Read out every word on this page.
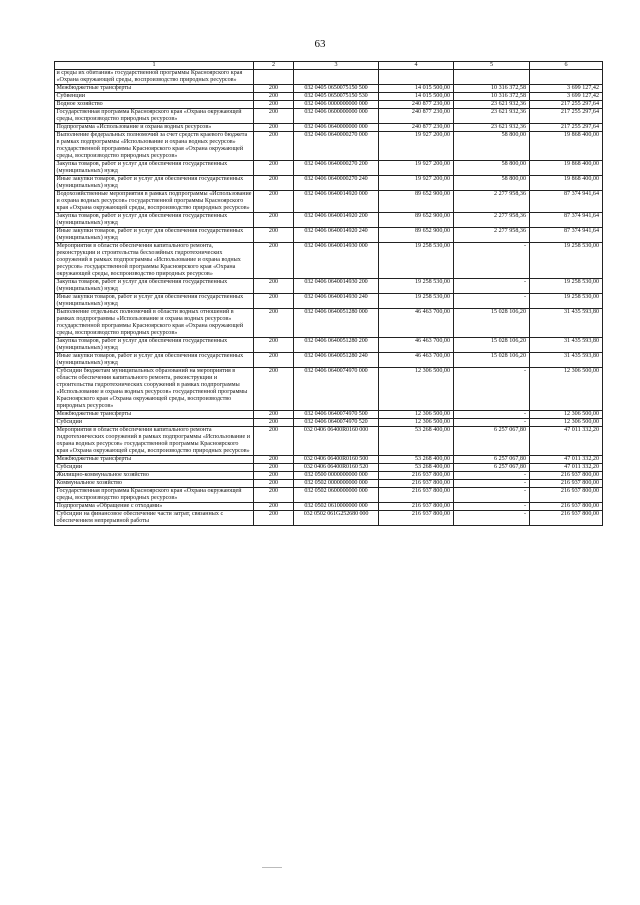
63
1	2	3	4	5	6
и среды их обитания» государственной программы Красноярского края «Охрана окружающей среды, воспроизводство природных ресурсов»					
Межбюджетные трансферты	200	032 0405 0650075150 500	14 015 500,00	10 316 372,58	3 699 127,42
Субвенции	200	032 0405 0650075150 530	14 015 500,00	10 316 372,58	3 699 127,42
Водное хозяйство	200	032 0406 0000000000 000	240 877 230,00	23 621 932,36	217 255 297,64
Государственная программа Красноярского края «Охрана окружающей среды, воспроизводство природных ресурсов»	200	032 0406 0600000000 000	240 877 230,00	23 621 932,36	217 255 297,64
Подпрограмма «Использование и охрана водных ресурсов»	200	032 0406 0640000000 000	240 877 230,00	23 621 932,36	217 255 297,64
Выполнение федеральных полномочий за счет средств краевого бюджета в рамках подпрограммы «Использование и охрана водных ресурсов» государственной программы Красноярского края «Охрана окружающей среды, воспроизводство природных ресурсов»	200	032 0406 0640000270 000	19 927 200,00	58 800,00	19 868 400,00
Закупка товаров, работ и услуг для обеспечения государственных (муниципальных) нужд	200	032 0406 0640000270 200	19 927 200,00	58 800,00	19 868 400,00
Иные закупки товаров, работ и услуг для обеспечения государственных (муниципальных) нужд	200	032 0406 0640000270 240	19 927 200,00	58 800,00	19 868 400,00
Водохозяйственные мероприятия в рамках подпрограммы «Использование и охрана водных ресурсов» государственной программы Красноярского края «Охрана окружающей среды, воспроизводство природных ресурсов»	200	032 0406 0640014920 000	89 652 900,00	2 277 958,36	87 374 941,64
Закупка товаров, работ и услуг для обеспечения государственных (муниципальных) нужд	200	032 0406 0640014920 200	89 652 900,00	2 277 958,36	87 374 941,64
Иные закупки товаров, работ и услуг для обеспечения государственных (муниципальных) нужд	200	032 0406 0640014920 240	89 652 900,00	2 277 958,36	87 374 941,64
Мероприятия в области обеспечения капитального ремонта, реконструкции и строительства бесхозяйных гидротехнических сооружений в рамках подпрограммы «Использование и охрана водных ресурсов» государственной программы Красноярского края «Охрана окружающей среды, воспроизводство природных ресурсов»	200	032 0406 0640014930 000	19 258 530,00	-	19 258 530,00
Закупка товаров, работ и услуг для обеспечения государственных (муниципальных) нужд	200	032 0406 0640014930 200	19 258 530,00	-	19 258 530,00
Иные закупки товаров, работ и услуг для обеспечения государственных (муниципальных) нужд	200	032 0406 0640014930 240	19 258 530,00	-	19 258 530,00
Выполнение отдельных полномочий в области водных отношений в рамках подпрограммы «Использование и охрана водных ресурсов» государственной программы Красноярского края «Охрана окружающей среды, воспроизводство природных ресурсов»	200	032 0406 0640051280 000	46 463 700,00	15 028 106,20	31 435 593,80
Закупка товаров, работ и услуг для обеспечения государственных (муниципальных) нужд	200	032 0406 0640051280 200	46 463 700,00	15 028 106,20	31 435 593,80
Иные закупки товаров, работ и услуг для обеспечения государственных (муниципальных) нужд	200	032 0406 0640051280 240	46 463 700,00	15 028 106,20	31 435 593,80
Субсидии бюджетам муниципальных образований на мероприятия в области обеспечения капитального ремонта, реконструкции и строительства гидротехнических сооружений в рамках подпрограммы «Использование и охрана водных ресурсов» государственной программы Красноярского края «Охрана окружающей среды, воспроизводство природных ресурсов»	200	032 0406 0640074970 000	12 306 500,00	-	12 306 500,00
Межбюджетные трансферты	200	032 0406 0640074970 500	12 306 500,00	-	12 306 500,00
Субсидии	200	032 0406 0640074970 520	12 306 500,00	-	12 306 500,00
Мероприятия в области обеспечения капитального ремонта гидротехнических сооружений в рамках подпрограммы «Использование и охрана водных ресурсов» государственной программы Красноярского края «Охрана окружающей среды, воспроизводство природных ресурсов»	200	032 0406 06400R0160 000	53 268 400,00	6 257 067,80	47 011 332,20
Межбюджетные трансферты	200	032 0406 06400R0160 500	53 268 400,00	6 257 067,80	47 011 332,20
Субсидии	200	032 0406 06400R0160 520	53 268 400,00	6 257 067,80	47 011 332,20
Жилищно-коммунальное хозяйство	200	032 0500 0000000000 000	216 937 800,00	-	216 937 800,00
Коммунальное хозяйство	200	032 0502 0000000000 000	216 937 800,00	-	216 937 800,00
Государственная программа Красноярского края «Охрана окружающей среды, воспроизводство природных ресурсов»	200	032 0502 0600000000 000	216 937 800,00	-	216 937 800,00
Подпрограмма «Обращение с отходами»	200	032 0502 0610000000 000	216 937 800,00	-	216 937 800,00
Субсидии на финансовое обеспечение части затрат, связанных с обеспечением непрерывной работы	200	032 0502 061G252680 000	216 937 800,00	-	216 937 800,00
